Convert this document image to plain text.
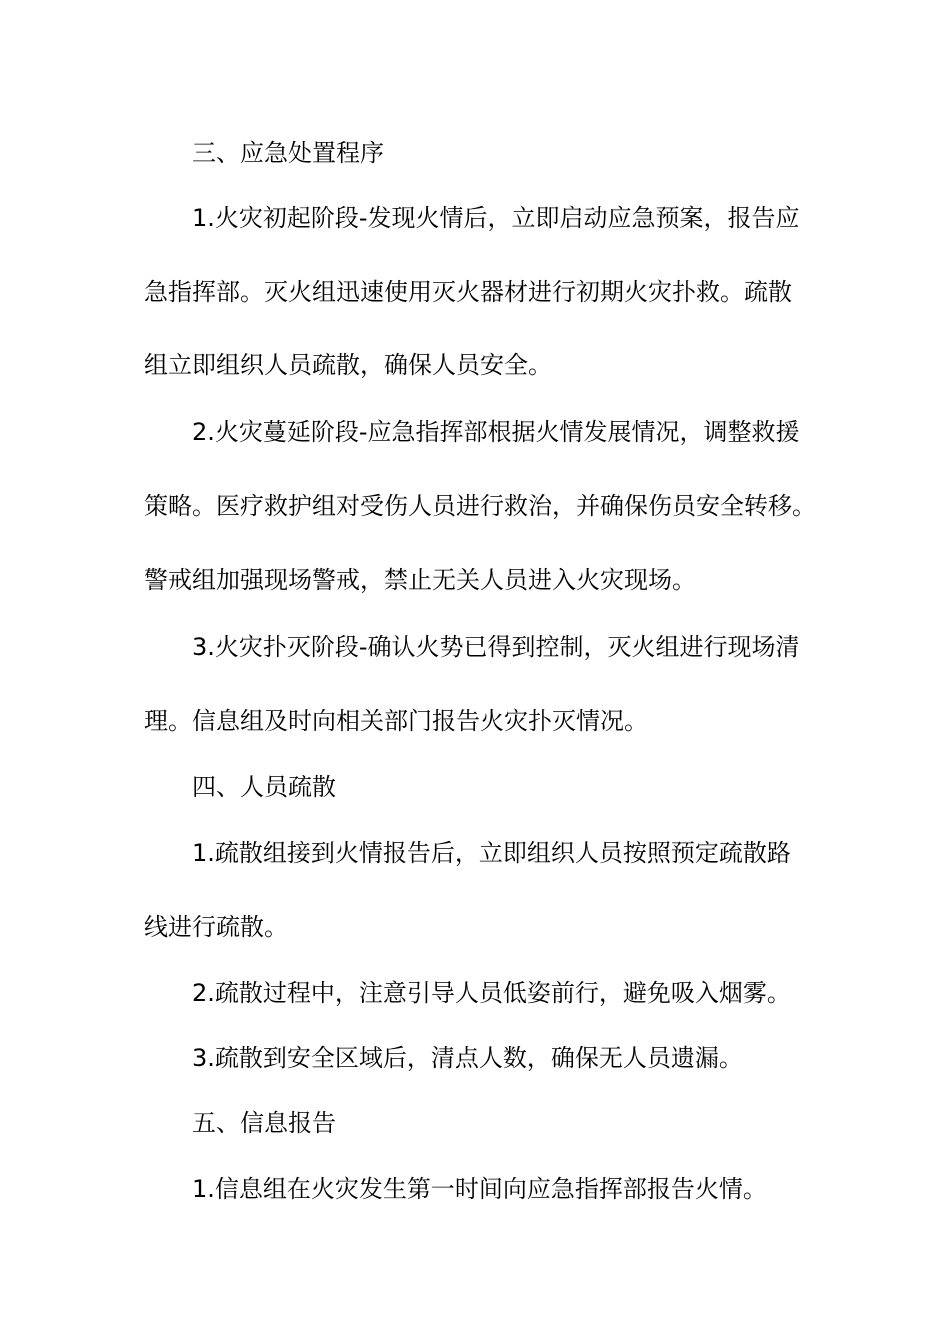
三、应急处置程序

1.火灾初起阶段-发现火情后，立即启动应急预案，报告应

急指挥部。灭火组迅速使用灭火器材进行初期火灾扑救。疏散

组立即组织人员疏散，确保人员安全。

2.火灾蔓延阶段-应急指挥部根据火情发展情况，调整救援

策略。医疗救护组对受伤人员进行救治，并确保伤员安全转移。

警戒组加强现场警戒，禁止无关人员进入火灾现场。

3.火灾扑灭阶段-确认火势已得到控制，灭火组进行现场清

理。信息组及时向相关部门报告火灾扑灭情况。

四、人员疏散

1.疏散组接到火情报告后，立即组织人员按照预定疏散路

线进行疏散。

2.疏散过程中，注意引导人员低姿前行，避免吸入烟雾。

3.疏散到安全区域后，清点人数，确保无人员遗漏。

五、信息报告

1.信息组在火灾发生第一时间向应急指挥部报告火情。
